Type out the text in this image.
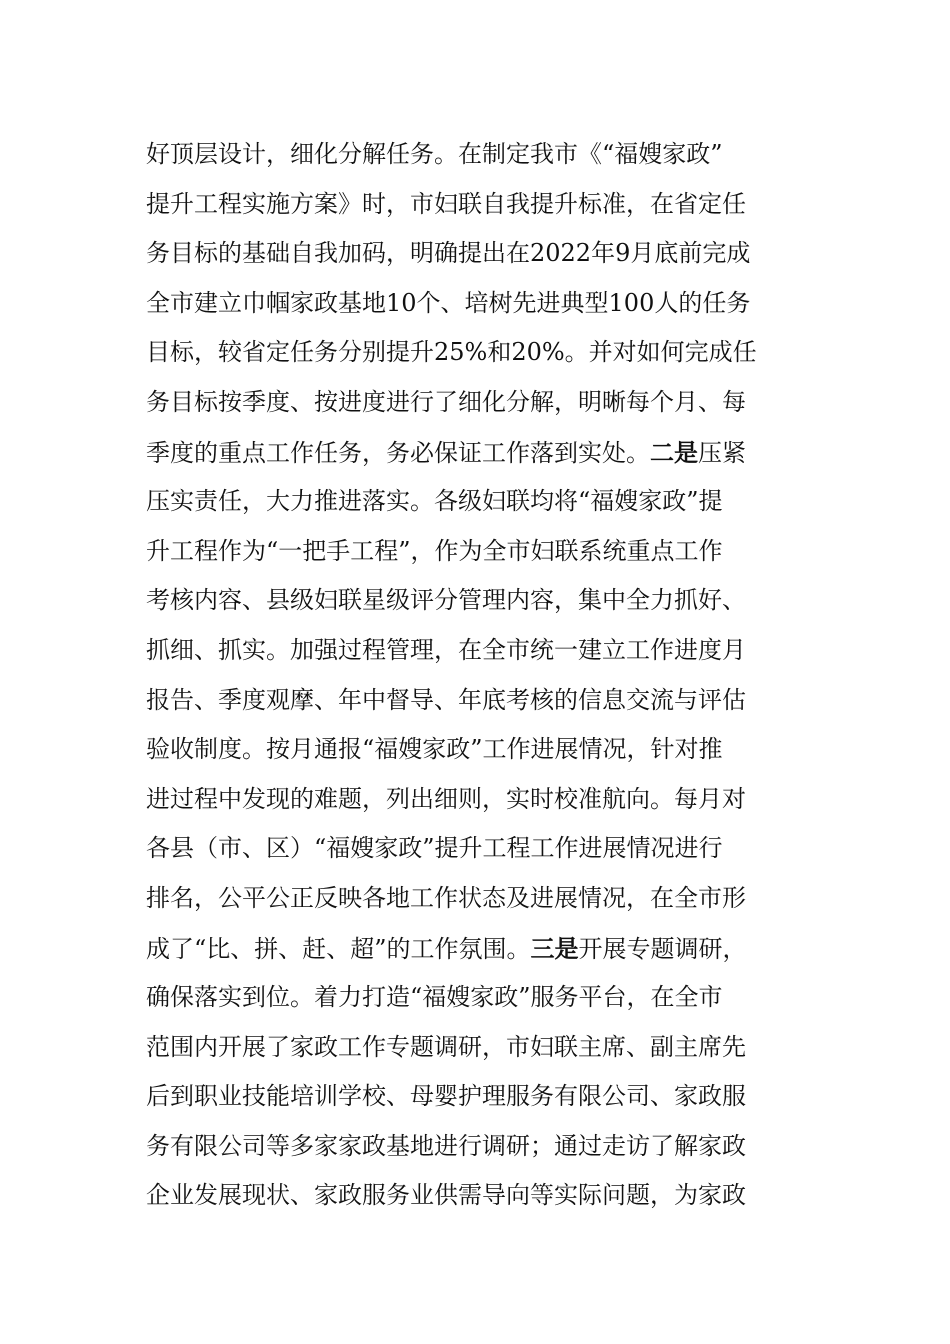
好顶层设计，细化分解任务。在制定我市《“福嫂家政”
提升工程实施方案》时，市妇联自我提升标准，在省定任
务目标的基础自我加码，明确提出在2022年9月底前完成
全市建立巾帼家政基地10个、培树先进典型100人的任务
目标，较省定任务分别提升25%和20%。并对如何完成任
务目标按季度、按进度进行了细化分解，明晰每个月、每
季度的重点工作任务，务必保证工作落到实处。二是压紧
压实责任，大力推进落实。各级妇联均将“福嫂家政”提
升工程作为“一把手工程”，作为全市妇联系统重点工作
考核内容、县级妇联星级评分管理内容，集中全力抓好、
抓细、抓实。加强过程管理，在全市统一建立工作进度月
报告、季度观摩、年中督导、年底考核的信息交流与评估
验收制度。按月通报“福嫂家政”工作进展情况，针对推
进过程中发现的难题，列出细则，实时校准航向。每月对
各县（市、区）“福嫂家政”提升工程工作进展情况进行
排名，公平公正反映各地工作状态及进展情况，在全市形
成了“比、拼、赶、超”的工作氛围。三是开展专题调研，
确保落实到位。着力打造“福嫂家政”服务平台，在全市
范围内开展了家政工作专题调研，市妇联主席、副主席先
后到职业技能培训学校、母婴护理服务有限公司、家政服
务有限公司等多家家政基地进行调研；通过走访了解家政
企业发展现状、家政服务业供需导向等实际问题，为家政
